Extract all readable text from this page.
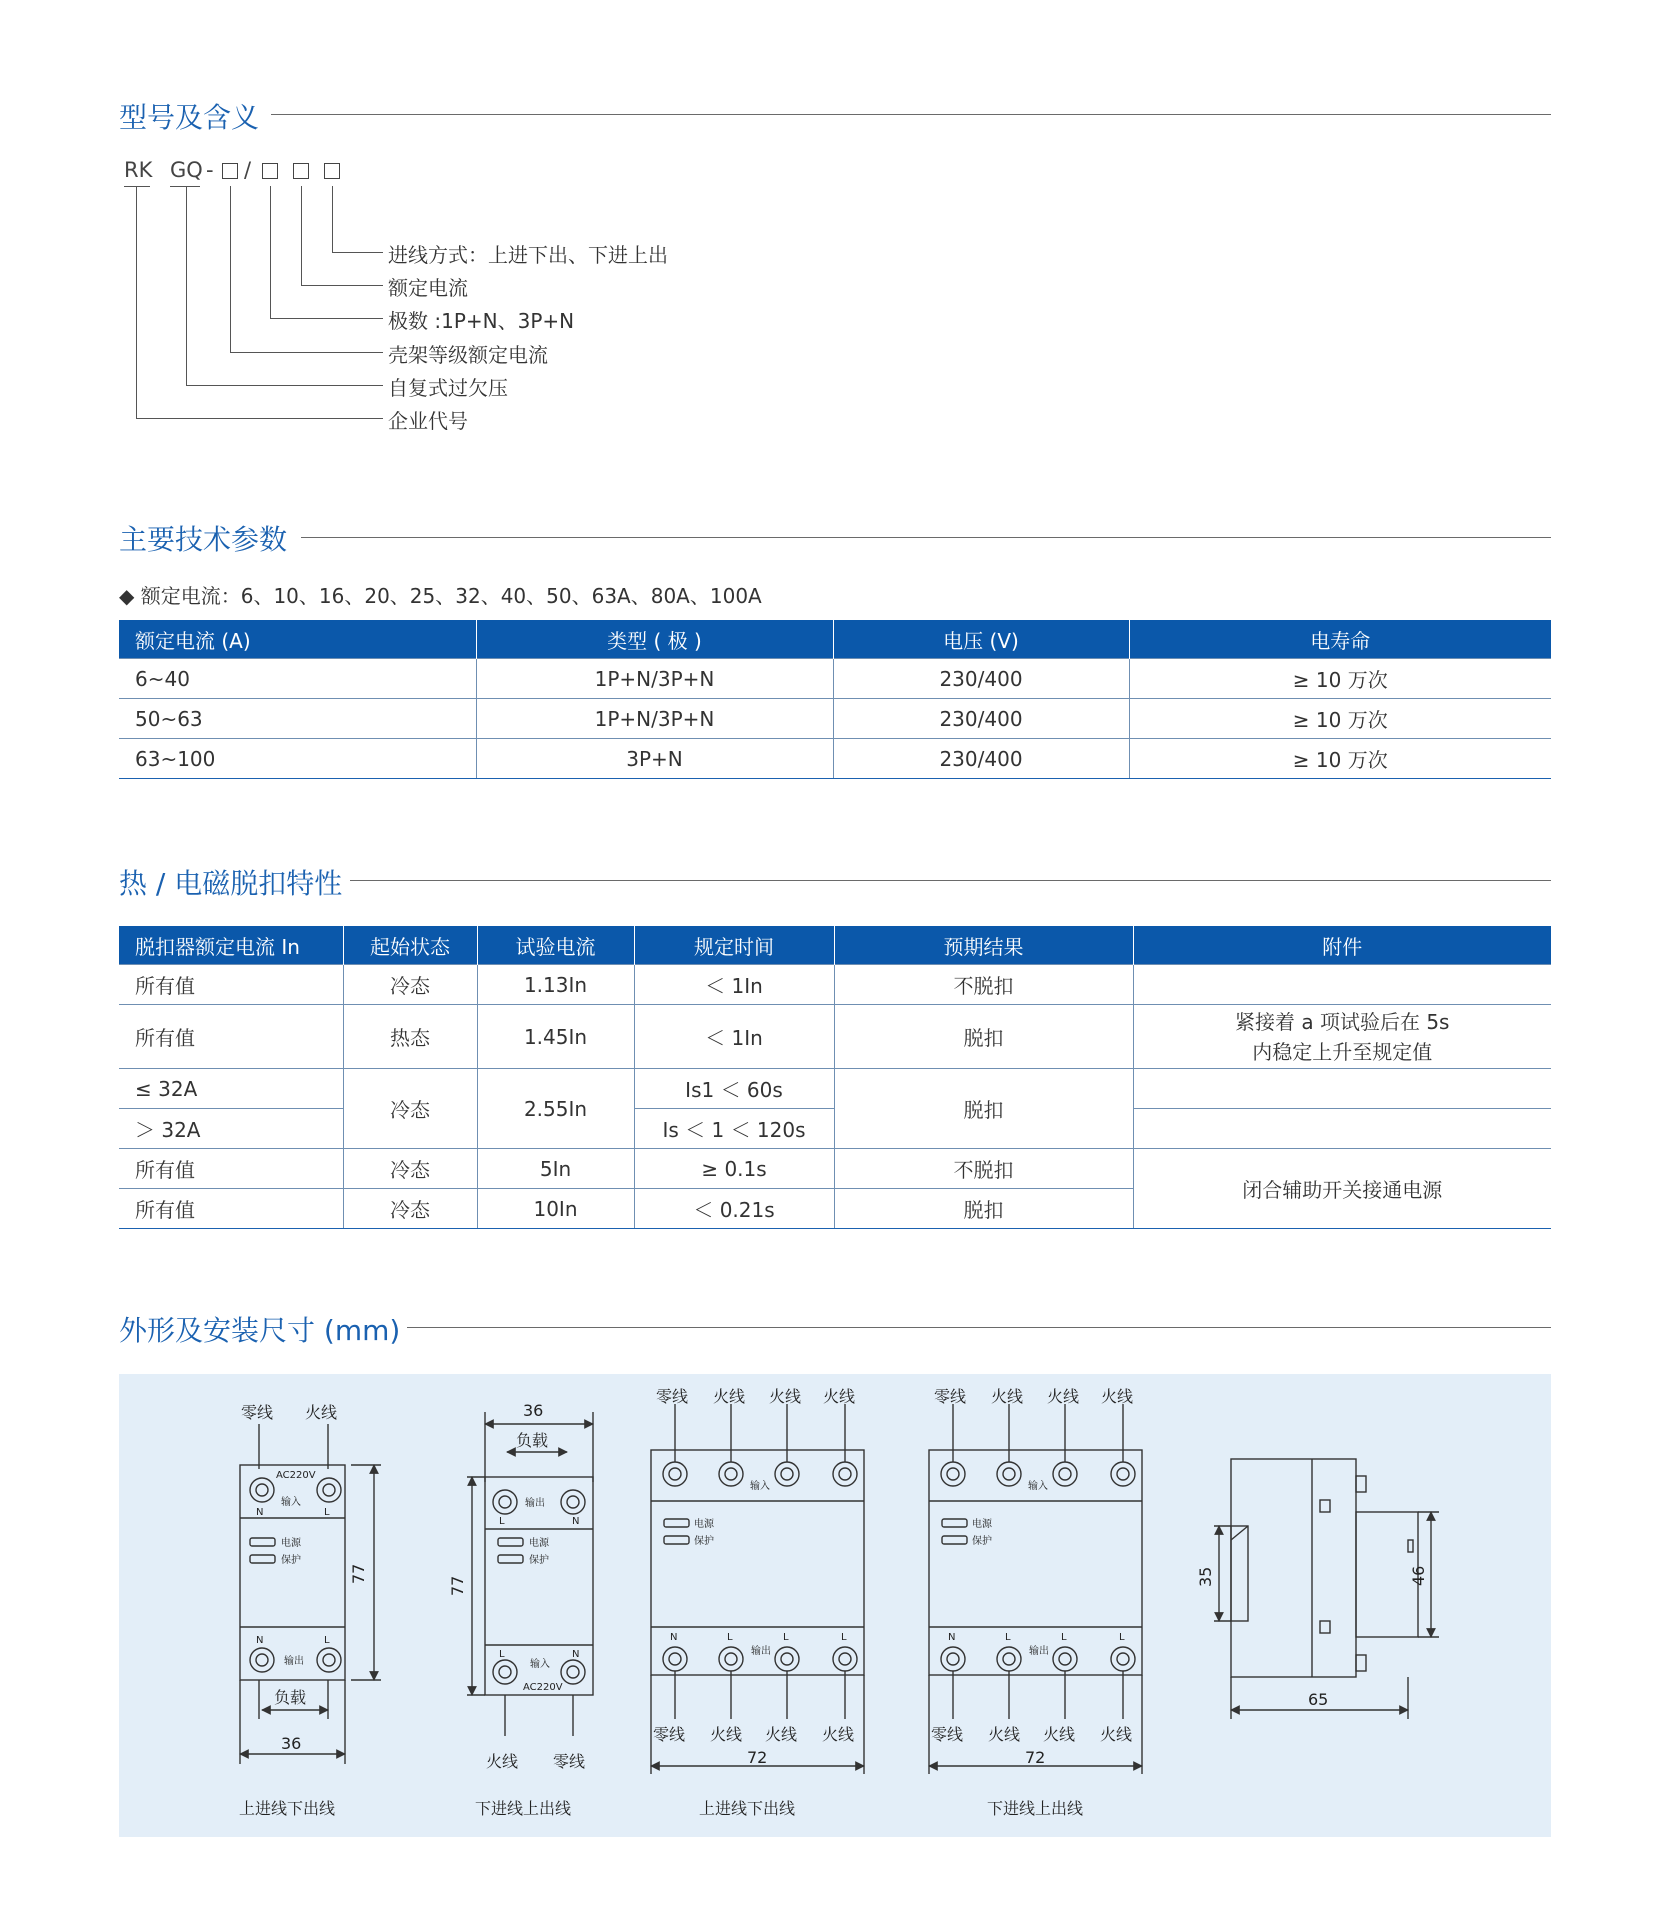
型号及含义
RK GQ - /
进线方式：上进下出、下进上出
额定电流
极数 :1P+N、3P+N
壳架等级额定电流
自复式过欠压
企业代号
主要技术参数
◆ 额定电流：6、10、16、20、25、32、40、50、63A、80A、100A
额定电流 (A)	类型 ( 极 )	电压 (V)	电寿命
6~40	1P+N/3P+N	230/400	≥ 10 万次
50~63	1P+N/3P+N	230/400	≥ 10 万次
63~100	3P+N	230/400	≥ 10 万次
热 / 电磁脱扣特性
脱扣器额定电流 In	起始状态	试验电流	规定时间	预期结果	附件
所有值	冷态	1.13In	＜ 1In	不脱扣	
所有值	热态	1.45In	＜ 1In	脱扣	紧接着 a 项试验后在 5s
内稳定上升至规定值

≤ 32A	冷态	2.55In	Is1 ＜ 60s	脱扣	
＞ 32A			Is ＜ 1 ＜ 120s		
所有值	冷态	5In	≥ 0.1s	不脱扣	闭合辅助开关接通电源
所有值	冷态	10In	＜ 0.21s	脱扣	
外形及安装尺寸 (mm)
零线 火线
AC220V
输入
N	L
电源
保护
N	L
输出
负载
36
77
上进线下出线
36
负载
输出
L	N
电源
保护
L	N
输入
AC220V
77
火线 零线
下进线上出线
零线 火线 火线 火线
输入
电源
保护
N	L	L	L
输出
零线 火线 火线 火线
72
上进线下出线
零线 火线 火线 火线
输入
电源
保护
N	L	L	L
输出
零线 火线 火线 火线
72
下进线上出线
35	46
65
